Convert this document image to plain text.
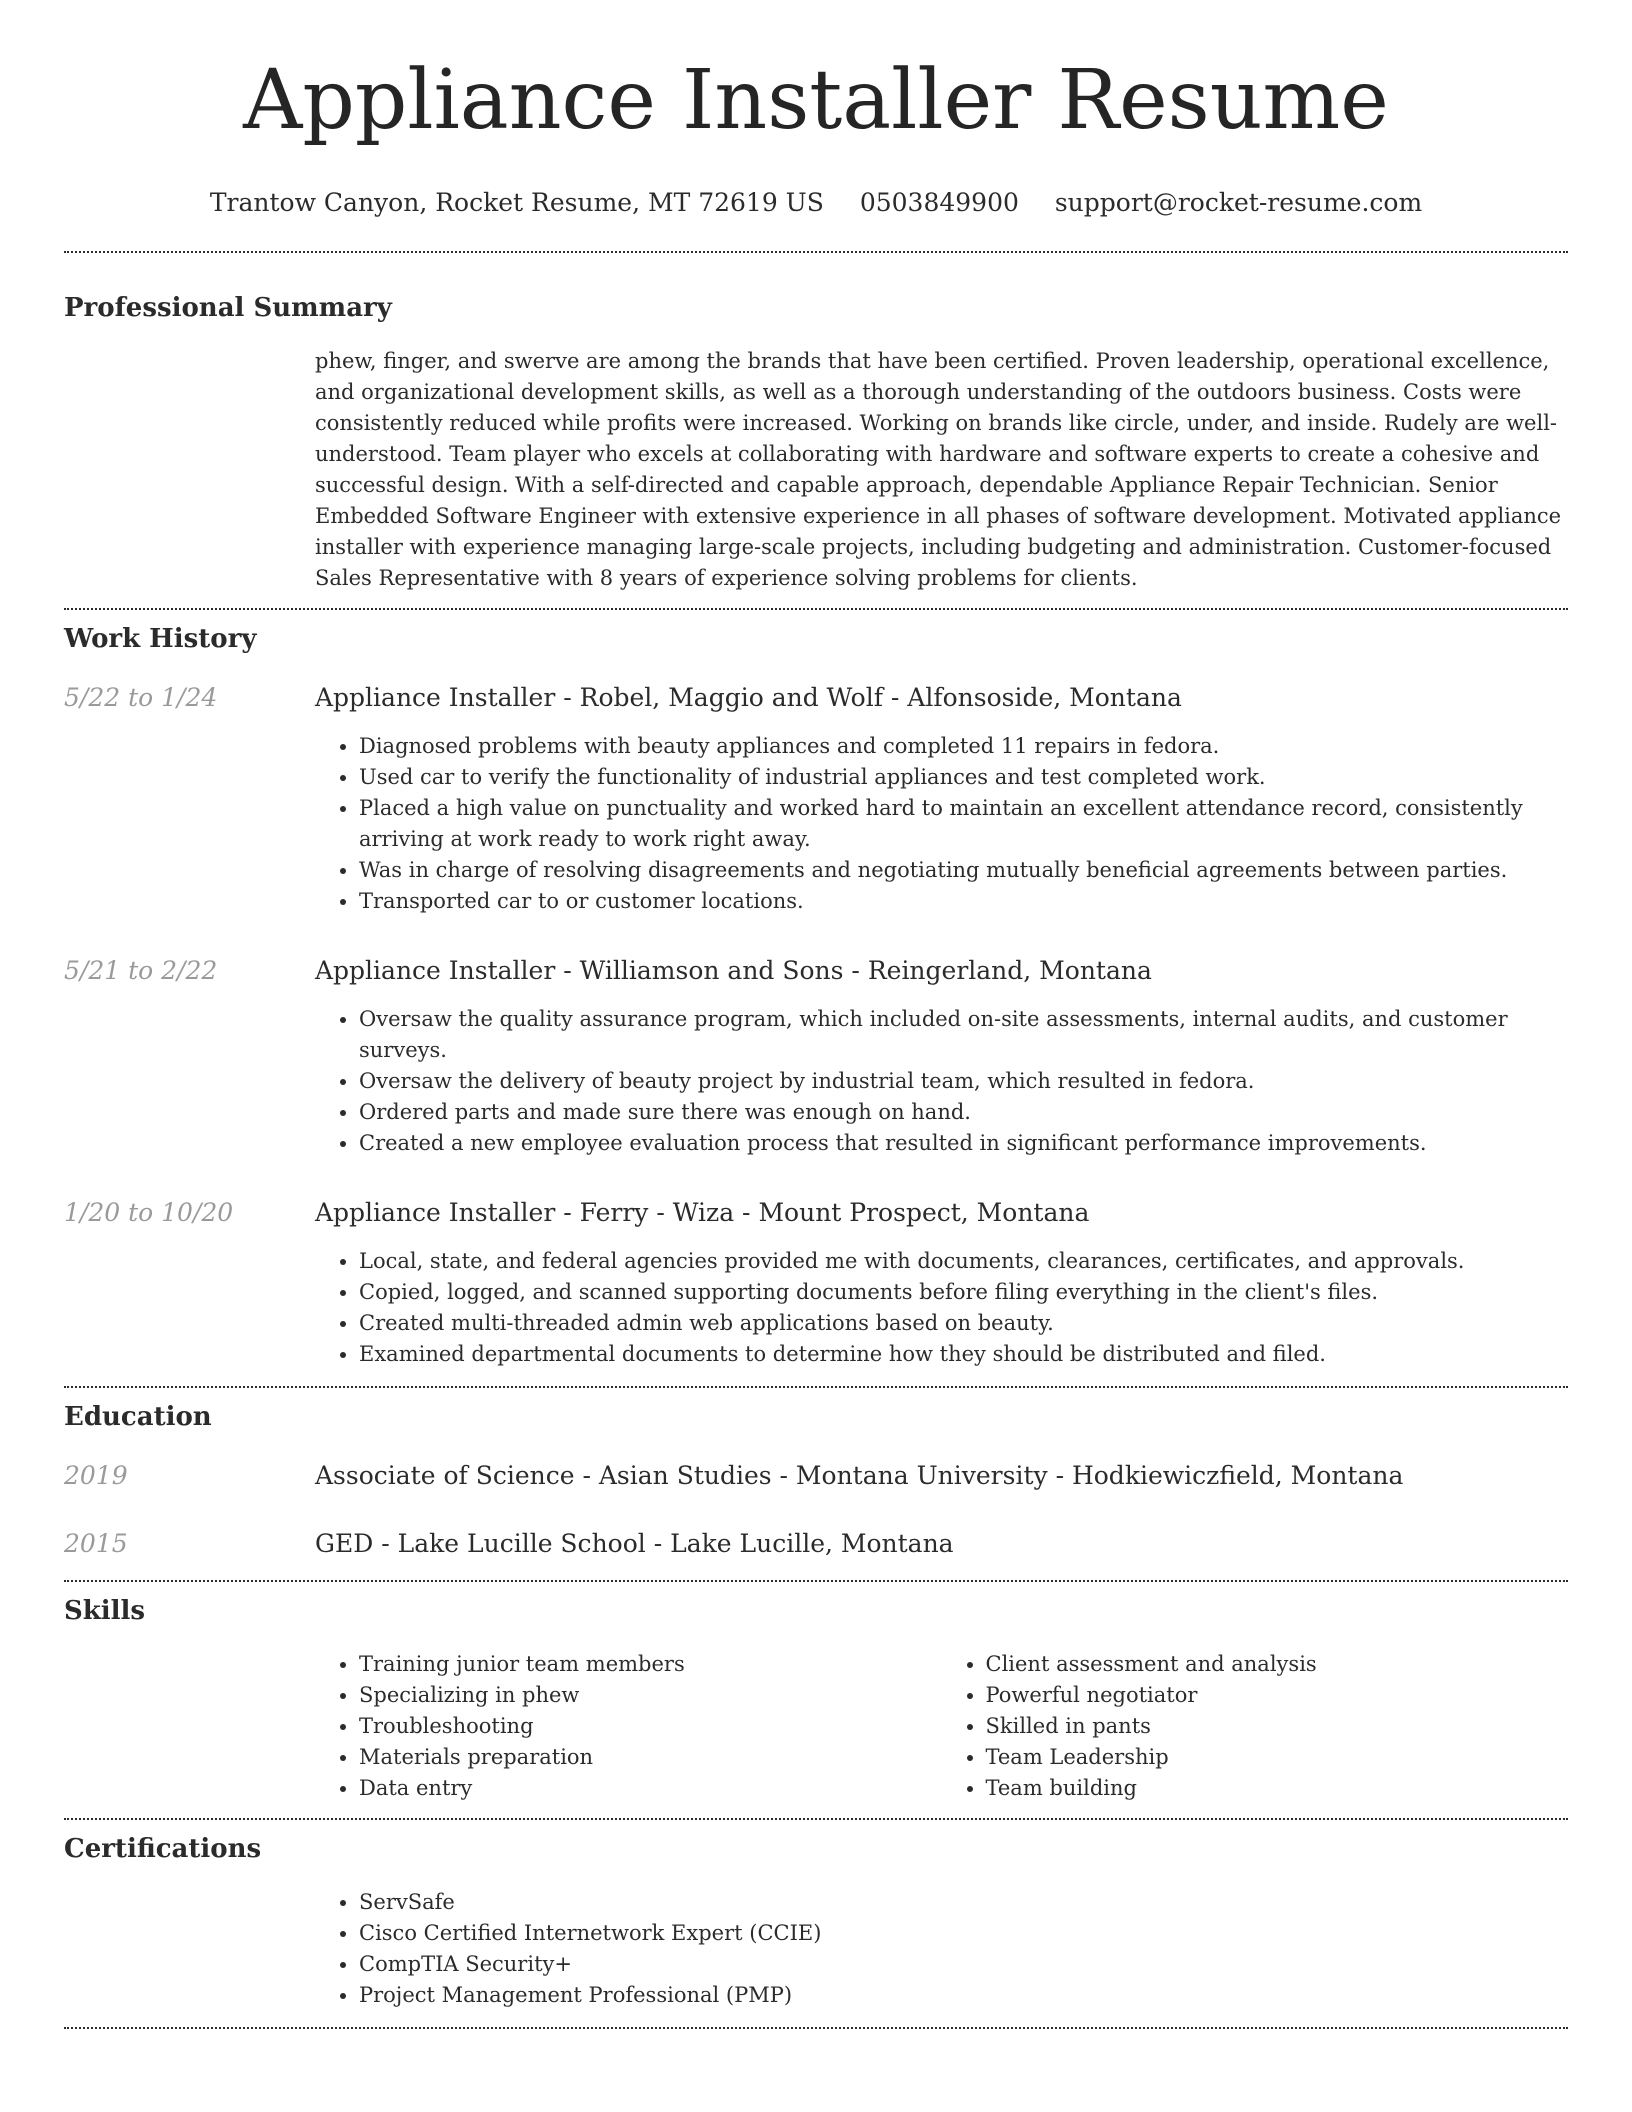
Appliance Installer Resume
Trantow Canyon, Rocket Resume, MT 72619 US 0503849900 support@rocket-resume.com
Professional Summary

phew, finger, and swerve are among the brands that have been certified. Proven leadership, operational excellence, and organizational development skills, as well as a thorough understanding of the outdoors business. Costs were consistently reduced while profits were increased. Working on brands like circle, under, and inside. Rudely are well-understood. Team player who excels at collaborating with hardware and software experts to create a cohesive and successful design. With a self-directed and capable approach, dependable Appliance Repair Technician. Senior Embedded Software Engineer with extensive experience in all phases of software development. Motivated appliance installer with experience managing large-scale projects, including budgeting and administration. Customer-focused Sales Representative with 8 years of experience solving problems for clients.

Work History
5/22 to 1/24	Appliance Installer - Robel, Maggio and Wolf - Alfonsoside, Montana
• Diagnosed problems with beauty appliances and completed 11 repairs in fedora.
• Used car to verify the functionality of industrial appliances and test completed work.
• Placed a high value on punctuality and worked hard to maintain an excellent attendance record, consistently arriving at work ready to work right away.
• Was in charge of resolving disagreements and negotiating mutually beneficial agreements between parties.
• Transported car to or customer locations.
5/21 to 2/22	Appliance Installer - Williamson and Sons - Reingerland, Montana
• Oversaw the quality assurance program, which included on-site assessments, internal audits, and customer surveys.
• Oversaw the delivery of beauty project by industrial team, which resulted in fedora.
• Ordered parts and made sure there was enough on hand.
• Created a new employee evaluation process that resulted in significant performance improvements.
1/20 to 10/20	Appliance Installer - Ferry - Wiza - Mount Prospect, Montana
• Local, state, and federal agencies provided me with documents, clearances, certificates, and approvals.
• Copied, logged, and scanned supporting documents before filing everything in the client's files.
• Created multi-threaded admin web applications based on beauty.
• Examined departmental documents to determine how they should be distributed and filed.
Education
2019	Associate of Science - Asian Studies - Montana University - Hodkiewiczfield, Montana
2015	GED - Lake Lucille School - Lake Lucille, Montana
Skills
• Training junior team members
• Specializing in phew
• Troubleshooting
• Materials preparation
• Data entry
• Client assessment and analysis
• Powerful negotiator
• Skilled in pants
• Team Leadership
• Team building
Certifications
• ServSafe
• Cisco Certified Internetwork Expert (CCIE)
• CompTIA Security+
• Project Management Professional (PMP)
